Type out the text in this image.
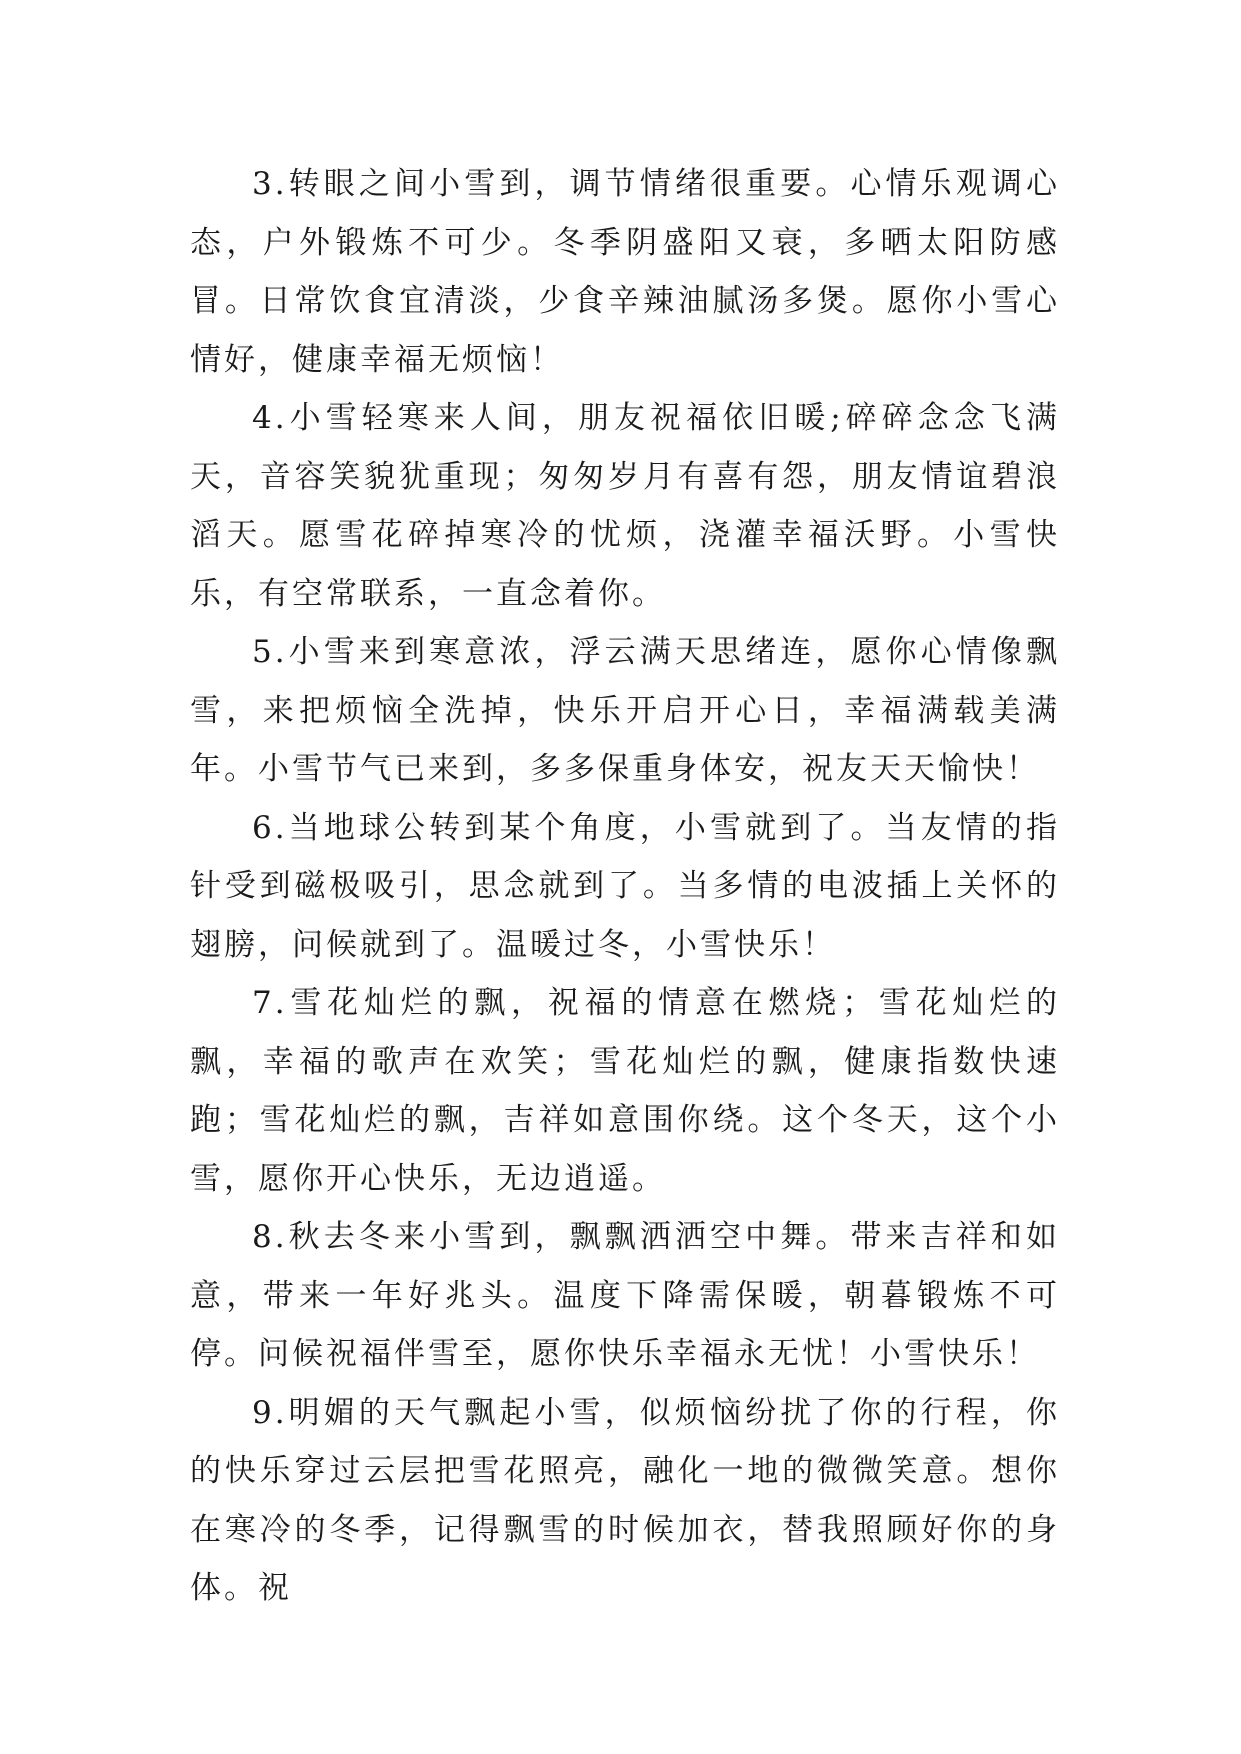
3.转眼之间小雪到，调节情绪很重要。心情乐观调心态，户外锻炼不可少。冬季阴盛阳又衰，多晒太阳防感冒。日常饮食宜清淡，少食辛辣油腻汤多煲。愿你小雪心情好，健康幸福无烦恼！

4.小雪轻寒来人间，朋友祝福依旧暖;碎碎念念飞满天，音容笑貌犹重现；匆匆岁月有喜有怨，朋友情谊碧浪滔天。愿雪花碎掉寒冷的忧烦，浇灌幸福沃野。小雪快乐，有空常联系，一直念着你。

5.小雪来到寒意浓，浮云满天思绪连，愿你心情像飘雪，来把烦恼全洗掉，快乐开启开心日，幸福满载美满年。小雪节气已来到，多多保重身体安，祝友天天愉快！

6.当地球公转到某个角度，小雪就到了。当友情的指针受到磁极吸引，思念就到了。当多情的电波插上关怀的翅膀，问候就到了。温暖过冬，小雪快乐！

7.雪花灿烂的飘，祝福的情意在燃烧；雪花灿烂的飘，幸福的歌声在欢笑；雪花灿烂的飘，健康指数快速跑；雪花灿烂的飘，吉祥如意围你绕。这个冬天，这个小雪，愿你开心快乐，无边逍遥。

8.秋去冬来小雪到，飘飘洒洒空中舞。带来吉祥和如意，带来一年好兆头。温度下降需保暖，朝暮锻炼不可停。问候祝福伴雪至，愿你快乐幸福永无忧！小雪快乐！

9.明媚的天气飘起小雪，似烦恼纷扰了你的行程，你的快乐穿过云层把雪花照亮，融化一地的微微笑意。想你在寒冷的冬季，记得飘雪的时候加衣，替我照顾好你的身体。祝
